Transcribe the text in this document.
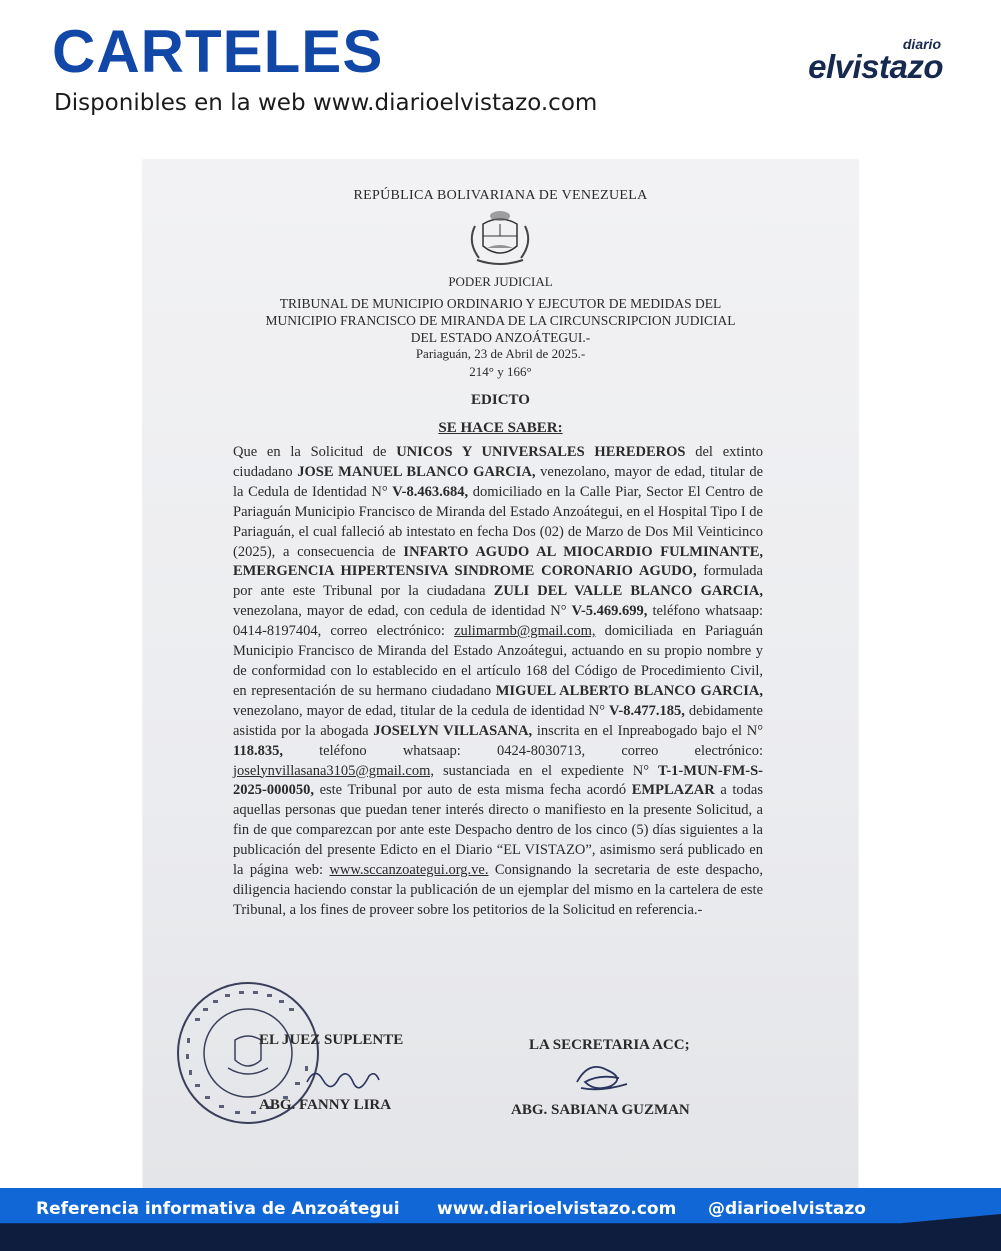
CARTELES
Disponibles en la web www.diarioelvistazo.com
diario
elvistazo
REPÚBLICA BOLIVARIANA DE VENEZUELA
PODER JUDICIAL
TRIBUNAL DE MUNICIPIO ORDINARIO Y EJECUTOR DE MEDIDAS DEL
MUNICIPIO FRANCISCO DE MIRANDA DE LA CIRCUNSCRIPCION JUDICIAL
DEL ESTADO ANZOÁTEGUI.-
Pariaguán, 23 de Abril de 2025.-
214° y 166°
EDICTO
SE HACE SABER:
Que en la Solicitud de UNICOS Y UNIVERSALES HEREDEROS del extinto ciudadano JOSE MANUEL BLANCO GARCIA, venezolano, mayor de edad, titular de la Cedula de Identidad N° V-8.463.684, domiciliado en la Calle Piar, Sector El Centro de Pariaguán Municipio Francisco de Miranda del Estado Anzoátegui, en el Hospital Tipo I de Pariaguán, el cual falleció ab intestato en fecha Dos (02) de Marzo de Dos Mil Veinticinco (2025), a consecuencia de INFARTO AGUDO AL MIOCARDIO FULMINANTE, EMERGENCIA HIPERTENSIVA SINDROME CORONARIO AGUDO, formulada por ante este Tribunal por la ciudadana ZULI DEL VALLE BLANCO GARCIA, venezolana, mayor de edad, con cedula de identidad N° V-5.469.699, teléfono whatsaap: 0414-8197404, correo electrónico: zulimarmb@gmail.com, domiciliada en Pariaguán Municipio Francisco de Miranda del Estado Anzoátegui, actuando en su propio nombre y de conformidad con lo establecido en el artículo 168 del Código de Procedimiento Civil, en representación de su hermano ciudadano MIGUEL ALBERTO BLANCO GARCIA, venezolano, mayor de edad, titular de la cedula de identidad N° V-8.477.185, debidamente asistida por la abogada JOSELYN VILLASANA, inscrita en el Inpreabogado bajo el N° 118.835, teléfono whatsaap: 0424-8030713, correo electrónico: joselynvillasana3105@gmail.com, sustanciada en el expediente N° T-1-MUN-FM-S-2025-000050, este Tribunal por auto de esta misma fecha acordó EMPLAZAR a todas aquellas personas que puedan tener interés directo o manifiesto en la presente Solicitud, a fin de que comparezcan por ante este Despacho dentro de los cinco (5) días siguientes a la publicación del presente Edicto en el Diario “EL VISTAZO”, asimismo será publicado en la página web: www.sccanzoategui.org.ve. Consignando la secretaria de este despacho, diligencia haciendo constar la publicación de un ejemplar del mismo en la cartelera de este Tribunal, a los fines de proveer sobre los petitorios de la Solicitud en referencia.-
EL JUEZ SUPLENTE	LA SECRETARIA ACC;
ABG. FANNY LIRA	ABG. SABIANA GUZMAN
Referencia informativa de Anzoátegui www.diarioelvistazo.com @diarioelvistazo
